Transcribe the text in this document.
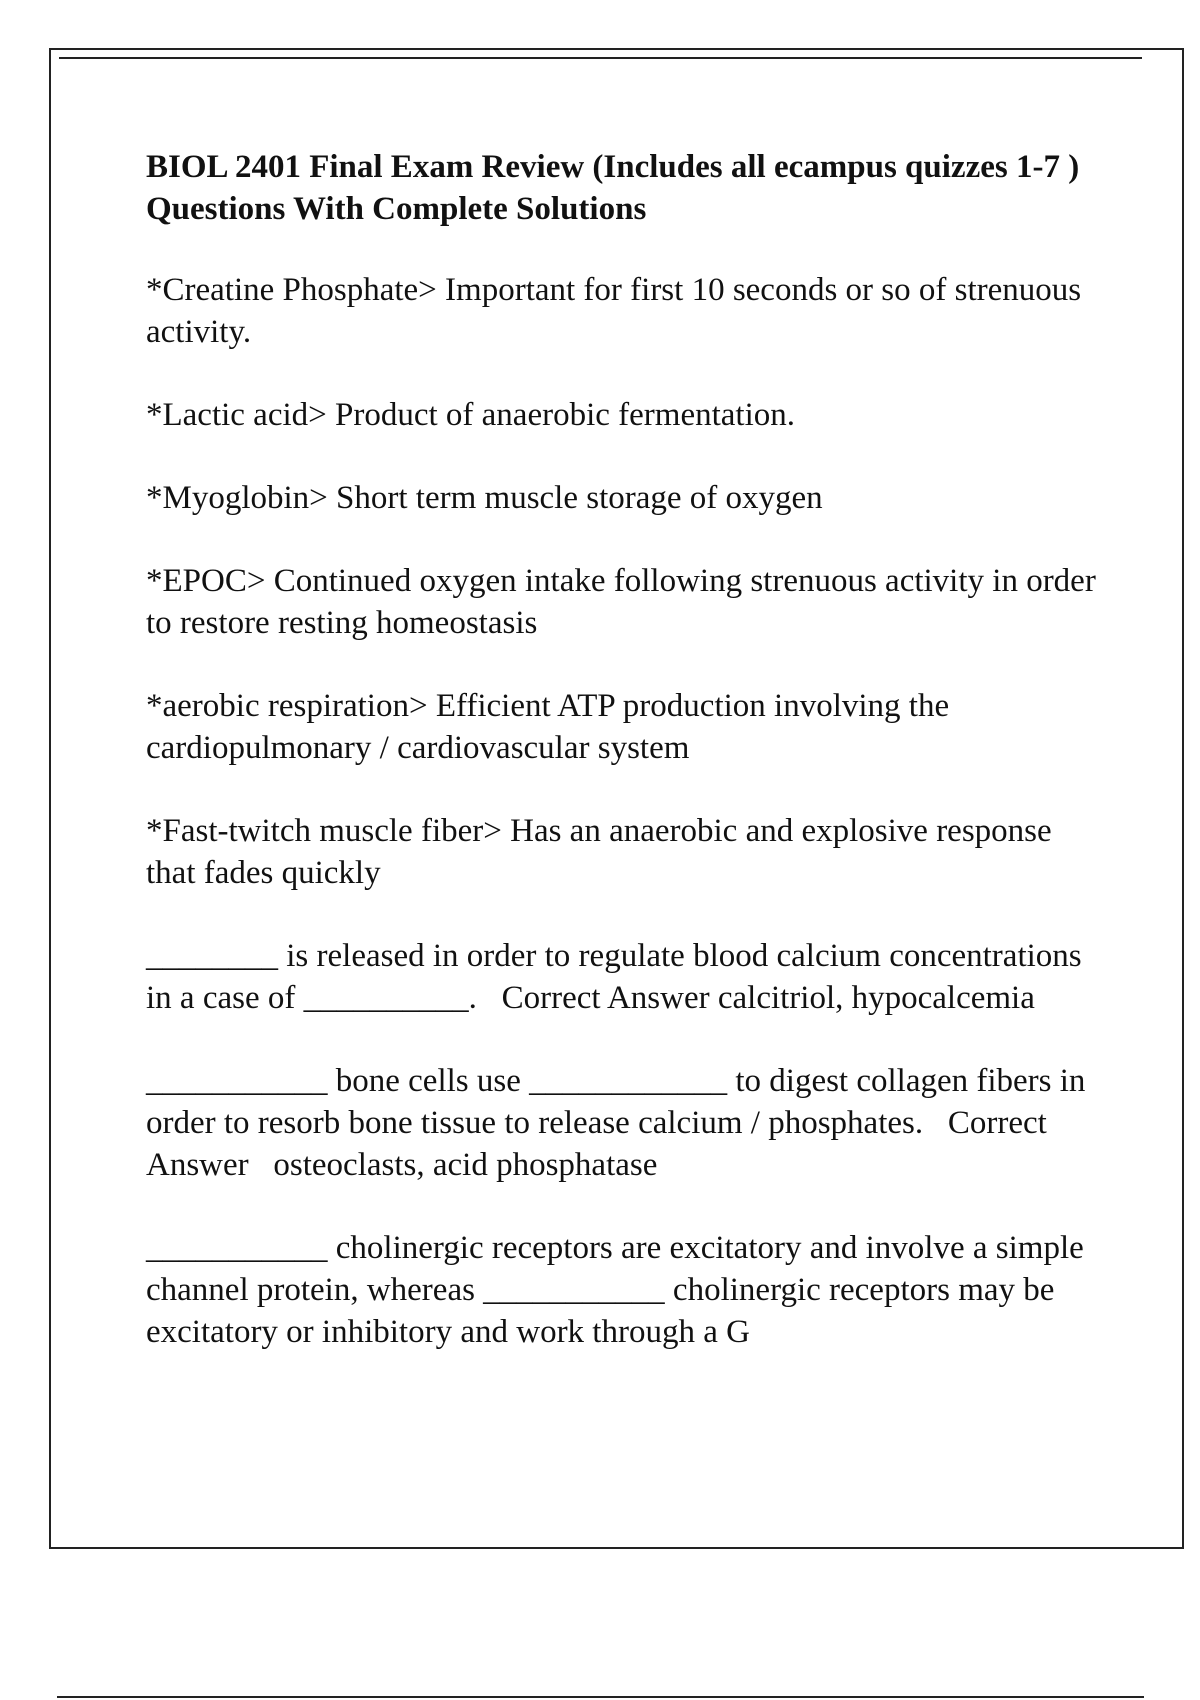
BIOL 2401 Final Exam Review (Includes all ecampus quizzes 1-7 ) Questions With Complete Solutions

*Creatine Phosphate> Important for first 10 seconds or so of strenuous activity.

*Lactic acid> Product of anaerobic fermentation.

*Myoglobin> Short term muscle storage of oxygen

*EPOC> Continued oxygen intake following strenuous activity in order to restore resting homeostasis

*aerobic respiration> Efficient ATP production involving the cardiopulmonary / cardiovascular system

*Fast-twitch muscle fiber> Has an anaerobic and explosive response that fades quickly

________ is released in order to regulate blood calcium concentrations in a case of __________.   Correct Answer calcitriol, hypocalcemia

___________ bone cells use ____________ to digest collagen fibers in order to resorb bone tissue to release calcium / phosphates.   Correct Answer   osteoclasts, acid phosphatase

___________ cholinergic receptors are excitatory and involve a simple channel protein, whereas ___________ cholinergic receptors may be excitatory or inhibitory and work through a G
